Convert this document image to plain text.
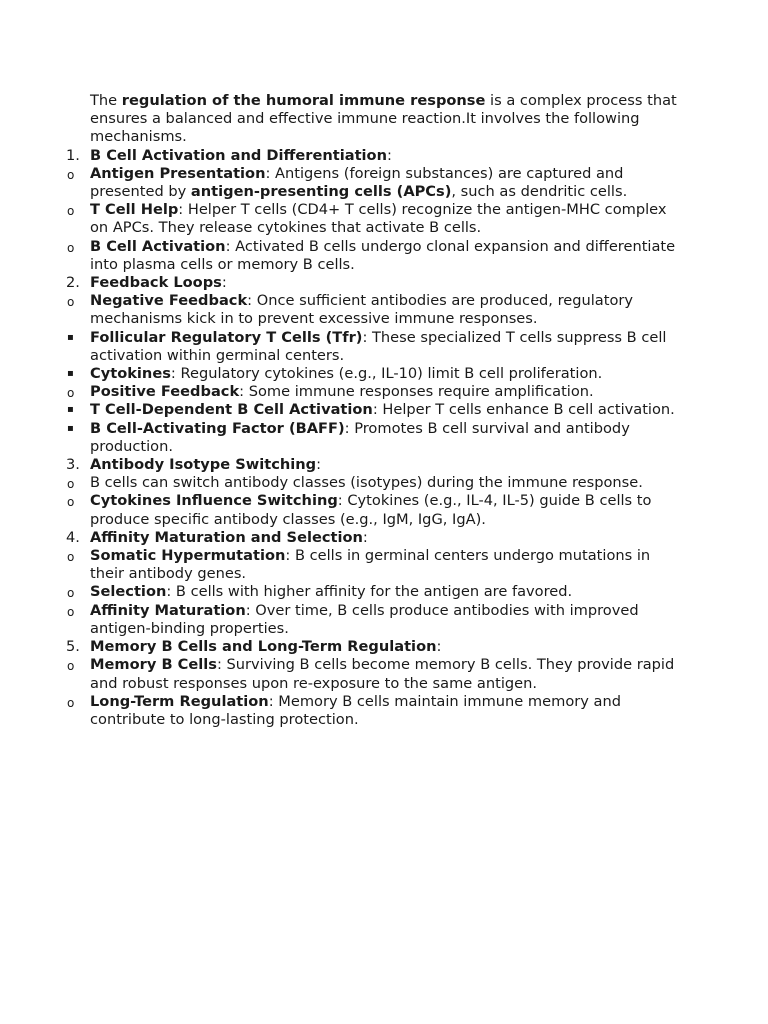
The regulation of the humoral immune response is a complex process that ensures a balanced and effective immune reaction.It involves the following mechanisms.

1. B Cell Activation and Differentiation:
o Antigen Presentation: Antigens (foreign substances) are captured and presented by antigen-presenting cells (APCs), such as dendritic cells.
o T Cell Help: Helper T cells (CD4+ T cells) recognize the antigen-MHC complex on APCs. They release cytokines that activate B cells.
o B Cell Activation: Activated B cells undergo clonal expansion and differentiate into plasma cells or memory B cells.
2. Feedback Loops:
o Negative Feedback: Once sufficient antibodies are produced, regulatory mechanisms kick in to prevent excessive immune responses.
▪ Follicular Regulatory T Cells (Tfr): These specialized T cells suppress B cell activation within germinal centers.
▪ Cytokines: Regulatory cytokines (e.g., IL-10) limit B cell proliferation.
o Positive Feedback: Some immune responses require amplification.
▪ T Cell-Dependent B Cell Activation: Helper T cells enhance B cell activation.
▪ B Cell-Activating Factor (BAFF): Promotes B cell survival and antibody production.
3. Antibody Isotype Switching:
o B cells can switch antibody classes (isotypes) during the immune response.
o Cytokines Influence Switching: Cytokines (e.g., IL-4, IL-5) guide B cells to produce specific antibody classes (e.g., IgM, IgG, IgA).
4. Affinity Maturation and Selection:
o Somatic Hypermutation: B cells in germinal centers undergo mutations in their antibody genes.
o Selection: B cells with higher affinity for the antigen are favored.
o Affinity Maturation: Over time, B cells produce antibodies with improved antigen-binding properties.
5. Memory B Cells and Long-Term Regulation:
o Memory B Cells: Surviving B cells become memory B cells. They provide rapid and robust responses upon re-exposure to the same antigen.
o Long-Term Regulation: Memory B cells maintain immune memory and contribute to long-lasting protection.
